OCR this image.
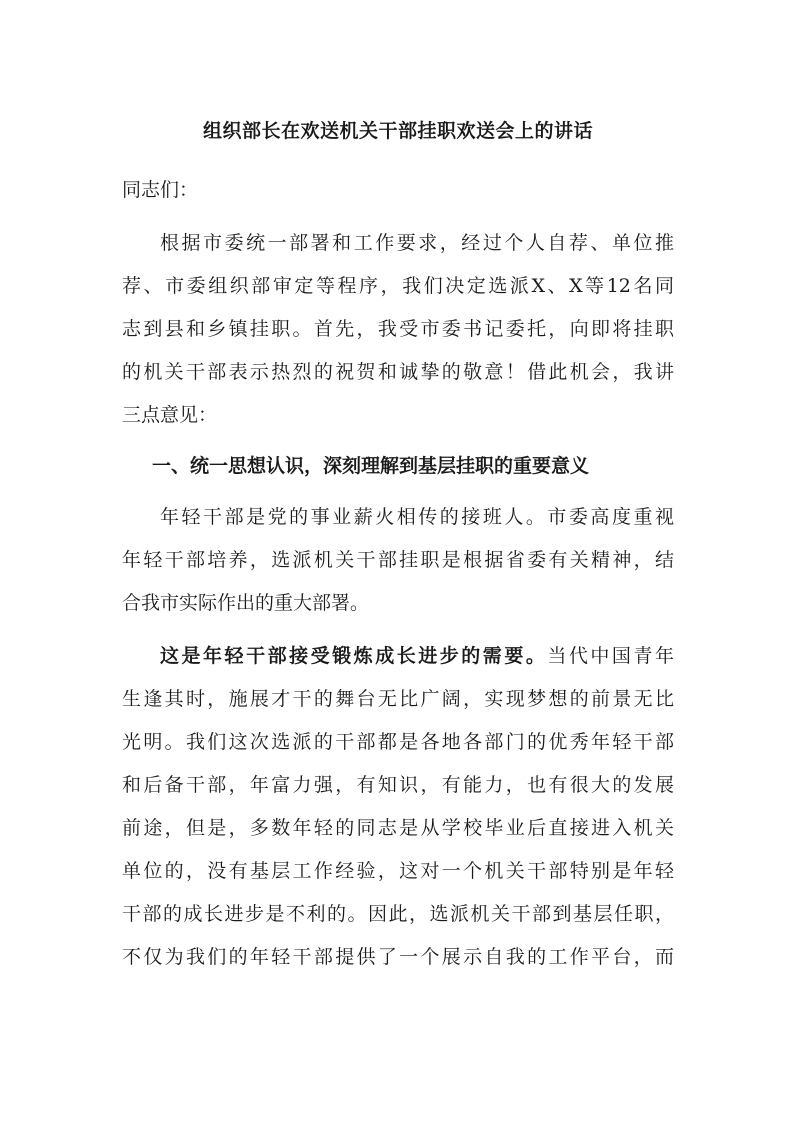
组织部长在欢送机关干部挂职欢送会上的讲话
同志们：
根据市委统一部署和工作要求，经过个人自荐、单位推
荐、市委组织部审定等程序，我们决定选派X、X等12名同
志到县和乡镇挂职。首先，我受市委书记委托，向即将挂职
的机关干部表示热烈的祝贺和诚挚的敬意！借此机会，我讲
三点意见：
一、统一思想认识，深刻理解到基层挂职的重要意义
年轻干部是党的事业薪火相传的接班人。市委高度重视
年轻干部培养，选派机关干部挂职是根据省委有关精神，结
合我市实际作出的重大部署。
这是年轻干部接受锻炼成长进步的需要。当代中国青年
生逢其时，施展才干的舞台无比广阔，实现梦想的前景无比
光明。我们这次选派的干部都是各地各部门的优秀年轻干部
和后备干部，年富力强，有知识，有能力，也有很大的发展
前途，但是，多数年轻的同志是从学校毕业后直接进入机关
单位的，没有基层工作经验，这对一个机关干部特别是年轻
干部的成长进步是不利的。因此，选派机关干部到基层任职，
不仅为我们的年轻干部提供了一个展示自我的工作平台，而
